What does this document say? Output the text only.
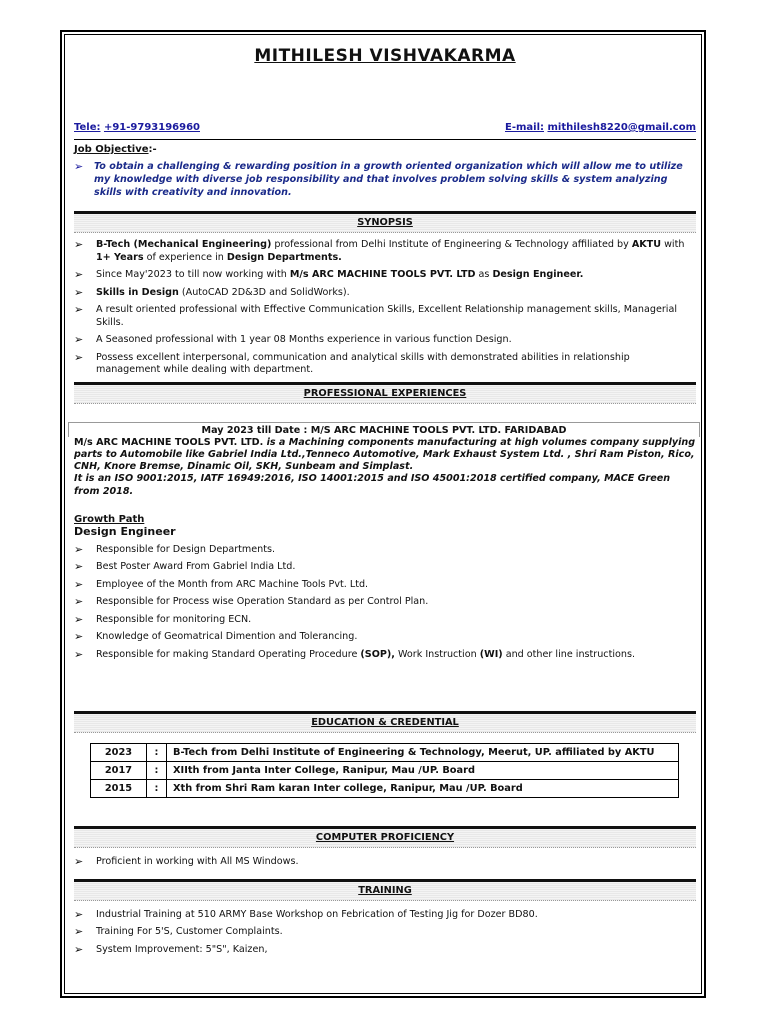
MITHILESH VISHVAKARMA
Tele: +91-9793196960	E-mail: mithilesh8220@gmail.com
Job Objective:-
➢	To obtain a challenging & rewarding position in a growth oriented organization which will allow me to utilize my knowledge with diverse job responsibility and that involves problem solving skills & system analyzing skills with creativity and innovation.
SYNOPSIS
➢	B-Tech (Mechanical Engineering) professional from Delhi Institute of Engineering & Technology affiliated by AKTU with 1+ Years of experience in Design Departments.
➢	Since May'2023 to till now working with M/s ARC MACHINE TOOLS PVT. LTD as Design Engineer.
➢	Skills in Design (AutoCAD 2D&3D and SolidWorks).
➢	A result oriented professional with Effective Communication Skills, Excellent Relationship management skills, Managerial Skills.
➢	A Seasoned professional with 1 year 08 Months experience in various function Design.
➢	Possess excellent interpersonal, communication and analytical skills with demonstrated abilities in relationship management while dealing with department.
PROFESSIONAL EXPERIENCES
May 2023 till Date : M/S ARC MACHINE TOOLS PVT. LTD. FARIDABAD
M/s ARC MACHINE TOOLS PVT. LTD. is a Machining components manufacturing at high volumes company supplying parts to Automobile like Gabriel India Ltd.,Tenneco Automotive, Mark Exhaust System Ltd. , Shri Ram Piston, Rico, CNH, Knore Bremse, Dinamic Oil, SKH, Sunbeam and Simplast.
It is an ISO 9001:2015, IATF 16949:2016, ISO 14001:2015 and ISO 45001:2018 certified company, MACE Green from 2018.
Growth Path
Design Engineer
➢	Responsible for Design Departments.
➢	Best Poster Award From Gabriel India Ltd.
➢	Employee of the Month from ARC Machine Tools Pvt. Ltd.
➢	Responsible for Process wise Operation Standard as per Control Plan.
➢	Responsible for monitoring ECN.
➢	Knowledge of Geomatrical Dimention and Tolerancing.
➢	Responsible for making Standard Operating Procedure (SOP), Work Instruction (WI) and other line instructions.
EDUCATION & CREDENTIAL
2023	:	B-Tech from Delhi Institute of Engineering & Technology, Meerut, UP. affiliated by AKTU
2017	:	XIIth from Janta Inter College, Ranipur, Mau /UP. Board
2015	:	Xth from Shri Ram karan Inter college, Ranipur, Mau /UP. Board
COMPUTER PROFICIENCY
➢	Proficient in working with All MS Windows.
TRAINING
➢	Industrial Training at 510 ARMY Base Workshop on Febrication of Testing Jig for Dozer BD80.
➢	Training For 5'S, Customer Complaints.
➢	System Improvement: 5"S", Kaizen,
